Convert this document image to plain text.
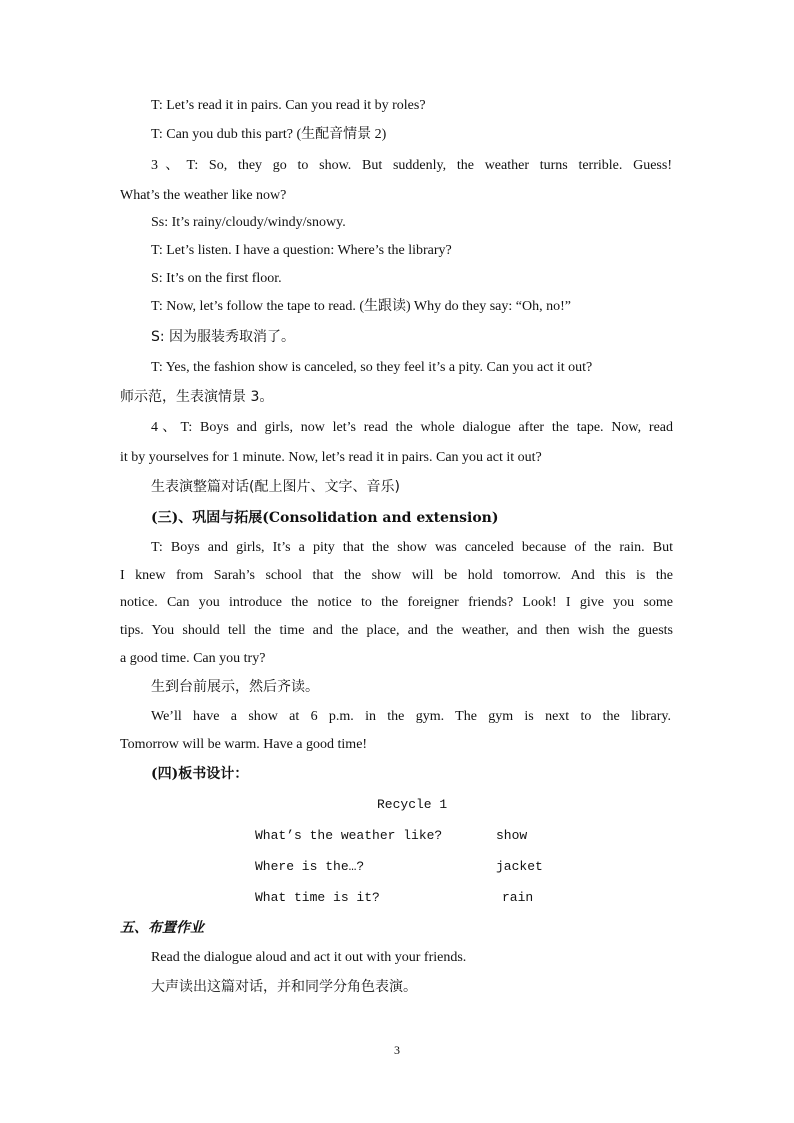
T: Let’s read it in pairs. Can you read it by roles?
T: Can you dub this part? (生配音情景 2)
3、T: So, they go to show. But suddenly, the weather turns terrible. Guess!
What’s the weather like now?
Ss: It’s rainy/cloudy/windy/snowy.
T: Let’s listen. I have a question: Where’s the library?
S: It’s on the first floor.
T: Now, let’s follow the tape to read. (生跟读) Why do they say: “Oh, no!”
S: 因为服装秀取消了。
T: Yes, the fashion show is canceled, so they feel it’s a pity. Can you act it out?
师示范，生表演情景 3。
4、T: Boys and girls, now let’s read the whole dialogue after the tape. Now, read
it by yourselves for 1 minute. Now, let’s read it in pairs. Can you act it out?
生表演整篇对话(配上图片、文字、音乐)
(三)、巩固与拓展(Consolidation and extension)
T: Boys and girls, It’s a pity that the show was canceled because of the rain. But
I knew from Sarah’s school that the show will be hold tomorrow. And this is the
notice. Can you introduce the notice to the foreigner friends? Look! I give you some
tips. You should tell the time and the place, and the weather, and then wish the guests
a good time. Can you try?
生到台前展示，然后齐读。
We’ll have a show at 6 p.m. in the gym. The gym is next to the library.
Tomorrow will be warm. Have a good time!
(四)板书设计：
Recycle 1
What’s the weather like?
Where is the…?
What time is it?
show
jacket
rain
五、布置作业
Read the dialogue aloud and act it out with your friends.
大声读出这篇对话，并和同学分角色表演。
3
